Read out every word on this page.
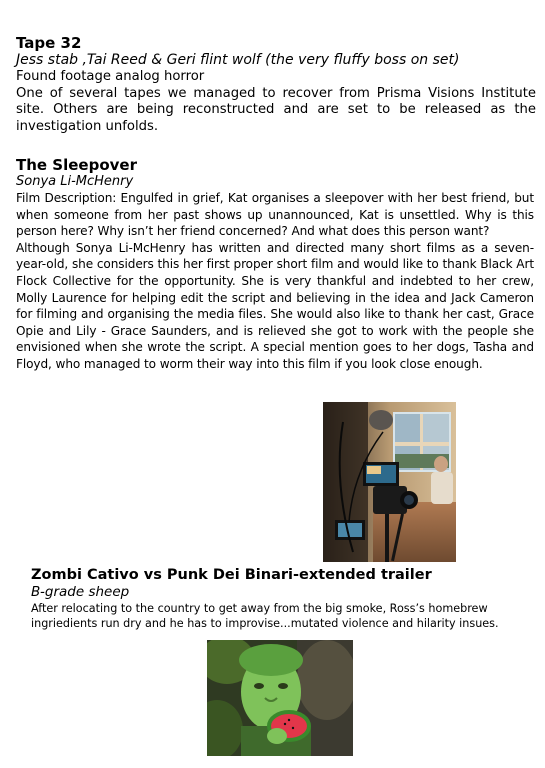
Tape 32

Jess stab ,Tai Reed & Geri flint wolf (the very fluffy boss on set)

Found footage analog horror

One of several tapes we managed to recover from Prisma Visions Institute site. Others are being reconstructed and are set to be released as the investigation unfolds.

The Sleepover

Sonya Li-McHenry

Film Description: Engulfed in grief, Kat organises a sleepover with her best friend, but when someone from her past shows up unannounced, Kat is unsettled. Why is this person here? Why isn’t her friend concerned? And what does this person want?

Although Sonya Li-McHenry has written and directed many short films as a seven-year-old, she considers this her first proper short film and would like to thank Black Art Flock Collective for the opportunity. She is very thankful and indebted to her crew, Molly Laurence for helping edit the script and believing in the idea and Jack Cameron for filming and organising the media files. She would also like to thank her cast, Grace Opie and Lily - Grace Saunders, and is relieved she got to work with the people she envisioned when she wrote the script. A special mention goes to her dogs, Tasha and Floyd, who managed to worm their way into this film if you look close enough.

Zombi Cativo vs Punk Dei Binari-extended trailer

B-grade sheep

After relocating to the country to get away from the big smoke, Ross’s homebrew ingriedients run dry and he has to improvise...mutated violence and hilarity insues.
